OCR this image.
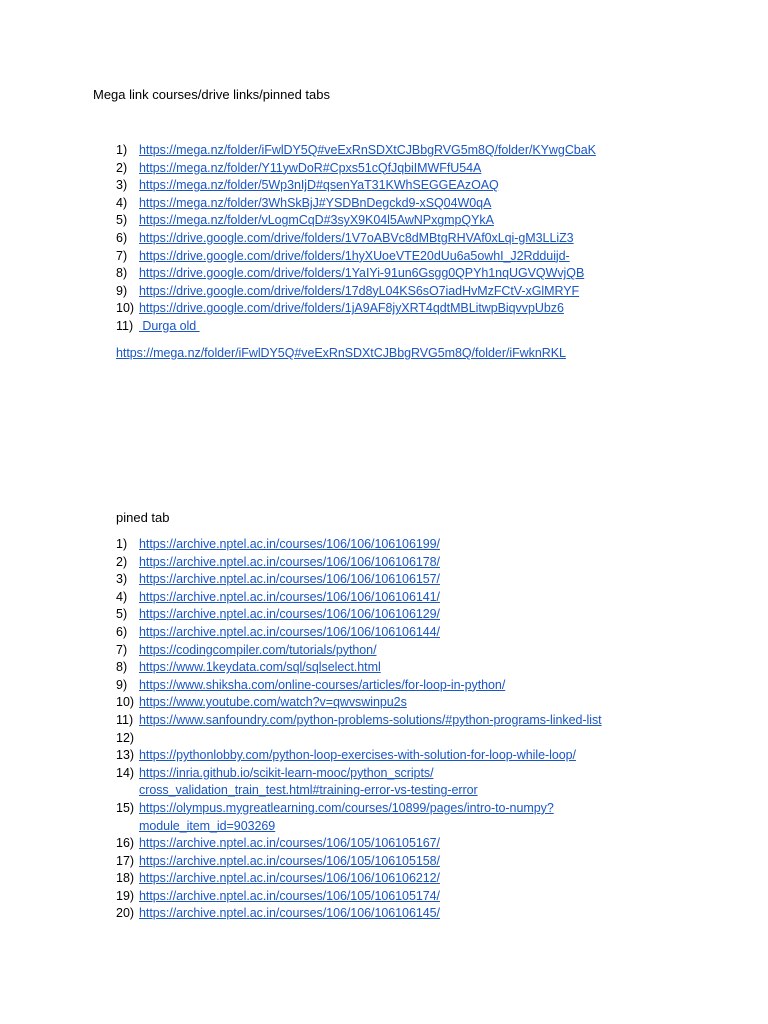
Mega link courses/drive links/pinned tabs
1) https://mega.nz/folder/iFwlDY5Q#veExRnSDXtCJBbgRVG5m8Q/folder/KYwgCbaK
2) https://mega.nz/folder/Y11ywDoR#Cpxs51cQfJqbiIMWFfU54A
3) https://mega.nz/folder/5Wp3nIjD#qsenYaT31KWhSEGGEAzOAQ
4) https://mega.nz/folder/3WhSkBjJ#YSDBnDegckd9-xSQ04W0qA
5) https://mega.nz/folder/vLogmCqD#3syX9K04l5AwNPxgmpQYkA
6) https://drive.google.com/drive/folders/1V7oABVc8dMBtgRHVAf0xLqi-gM3LLiZ3
7) https://drive.google.com/drive/folders/1hyXUoeVTE20dUu6a5owhI_J2Rdduijd-
8) https://drive.google.com/drive/folders/1YaIYi-91un6Gsgg0QPYh1nqUGVQWvjQB
9) https://drive.google.com/drive/folders/17d8yL04KS6sO7iadHvMzFCtV-xGlMRYF
10) https://drive.google.com/drive/folders/1jA9AF8jyXRT4qdtMBLitwpBiqvvpUbz6
11) Durga old
https://mega.nz/folder/iFwlDY5Q#veExRnSDXtCJBbgRVG5m8Q/folder/iFwknRKL
pined tab
1) https://archive.nptel.ac.in/courses/106/106/106106199/
2) https://archive.nptel.ac.in/courses/106/106/106106178/
3) https://archive.nptel.ac.in/courses/106/106/106106157/
4) https://archive.nptel.ac.in/courses/106/106/106106141/
5) https://archive.nptel.ac.in/courses/106/106/106106129/
6) https://archive.nptel.ac.in/courses/106/106/106106144/
7) https://codingcompiler.com/tutorials/python/
8) https://www.1keydata.com/sql/sqlselect.html
9) https://www.shiksha.com/online-courses/articles/for-loop-in-python/
10) https://www.youtube.com/watch?v=qwvswinpu2s
11) https://www.sanfoundry.com/python-problems-solutions/#python-programs-linked-list
12)
13) https://pythonlobby.com/python-loop-exercises-with-solution-for-loop-while-loop/
14) https://inria.github.io/scikit-learn-mooc/python_scripts/
cross_validation_train_test.html#training-error-vs-testing-error
15) https://olympus.mygreatlearning.com/courses/10899/pages/intro-to-numpy?
module_item_id=903269
16) https://archive.nptel.ac.in/courses/106/105/106105167/
17) https://archive.nptel.ac.in/courses/106/105/106105158/
18) https://archive.nptel.ac.in/courses/106/106/106106212/
19) https://archive.nptel.ac.in/courses/106/105/106105174/
20) https://archive.nptel.ac.in/courses/106/106/106106145/
